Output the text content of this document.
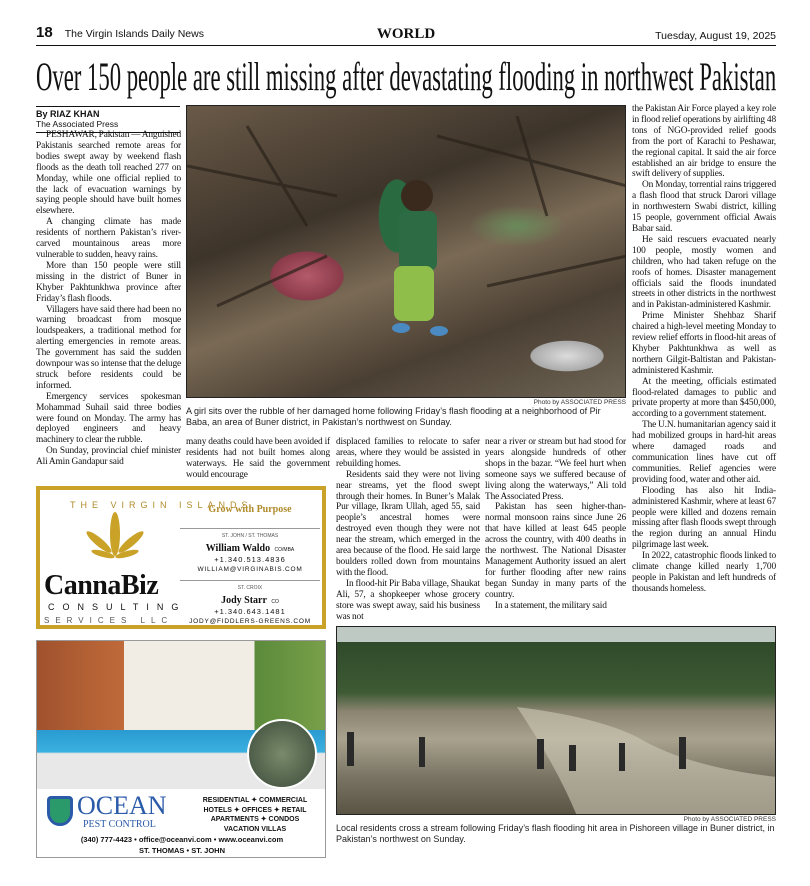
18 The Virgin Islands Daily News	WORLD	Tuesday, August 19, 2025
Over 150 people are still missing after devastating flooding in northwest Pakistan
By RIAZ KHAN
The Associated Press

PESHAWAR, Pakistan — Anguished Pakistanis searched remote areas for bodies swept away by weekend flash floods as the death toll reached 277 on Monday, while one official replied to the lack of evacuation warnings by saying people should have built homes elsewhere.

A changing climate has made residents of northern Pakistan’s river-carved mountainous areas more vulnerable to sudden, heavy rains.

More than 150 people were still missing in the district of Buner in Khyber Pakhtunkhwa province after Friday’s flash floods.

Villagers have said there had been no warning broadcast from mosque loudspeakers, a traditional method for alerting emergencies in remote areas. The government has said the sudden downpour was so intense that the deluge struck before residents could be informed.

Emergency services spokesman Mohammad Suhail said three bodies were found on Monday. The army has deployed engineers and heavy machinery to clear the rubble.

On Sunday, provincial chief minister Ali Amin Gandapur said

many deaths could have been avoided if residents had not built homes along waterways. He said the government would encourage

displaced families to relocate to safer areas, where they would be assisted in rebuilding homes.

Residents said they were not living near streams, yet the flood swept through their homes. In Buner’s Malak Pur village, Ikram Ullah, aged 55, said people’s ancestral homes were destroyed even though they were not near the stream, which emerged in the area because of the flood. He said large boulders rolled down from mountains with the flood.

In flood-hit Pir Baba village, Shaukat Ali, 57, a shopkeeper whose grocery store was swept away, said his business was not

near a river or stream but had stood for years alongside hundreds of other shops in the bazar. “We feel hurt when someone says we suffered because of living along the waterways,” Ali told The Associated Press.

Pakistan has seen higher-than-normal monsoon rains since June 26 that have killed at least 645 people across the country, with 400 deaths in the northwest. The National Disaster Management Authority issued an alert for further flooding after new rains began Sunday in many parts of the country.

In a statement, the military said

the Pakistan Air Force played a key role in flood relief operations by airlifting 48 tons of NGO-provided relief goods from the port of Karachi to Peshawar, the regional capital. It said the air force established an air bridge to ensure the swift delivery of supplies.

On Monday, torrential rains triggered a flash flood that struck Darori village in northwestern Swabi district, killing 15 people, government official Awais Babar said.

He said rescuers evacuated nearly 100 people, mostly women and children, who had taken refuge on the roofs of homes. Disaster management officials said the floods inundated streets in other districts in the northwest and in Pakistan-administered Kashmir.

Prime Minister Shehbaz Sharif chaired a high-level meeting Monday to review relief efforts in flood-hit areas of Khyber Pakhtunkhwa as well as northern Gilgit-Baltistan and Pakistan-administered Kashmir.

At the meeting, officials estimated flood-related damages to public and private property at more than $450,000, according to a government statement.

The U.N. humanitarian agency said it had mobilized groups in hard-hit areas where damaged roads and communication lines have cut off communities. Relief agencies were providing food, water and other aid.

Flooding has also hit India-administered Kashmir, where at least 67 people were killed and dozens remain missing after flash floods swept through the region during an annual Hindu pilgrimage last week.

In 2022, catastrophic floods linked to climate change killed nearly 1,700 people in Pakistan and left hundreds of thousands homeless.

Photo by ASSOCIATED PRESS
A girl sits over the rubble of her damaged home following Friday’s flash flooding at a neighborhood of Pir Baba, an area of Buner district, in Pakistan’s northwest on Sunday.
THE VIRGIN ISLANDS
CannaBiz
CONSULTING
SERVICES LLC
Grow with Purpose
ST. JOHN / ST. THOMAS
William Waldo CO/MBA
+1.340.513.4836
WILLIAM@VIRGINABIS.COM
ST. CROIX
Jody Starr CO
+1.340.643.1481
JODY@FIDDLERS-GREENS.COM
OCEAN
PEST CONTROL
RESIDENTIAL ✦ COMMERCIAL
HOTELS ✦ OFFICES ✦ RETAIL
APARTMENTS ✦ CONDOS
VACATION VILLAS
(340) 777-4423 • office@oceanvi.com • www.oceanvi.com
ST. THOMAS • ST. JOHN
Photo by ASSOCIATED PRESS
Local residents cross a stream following Friday’s flash flooding hit area in Pishoreen village in Buner district, in Pakistan’s northwest on Sunday.
